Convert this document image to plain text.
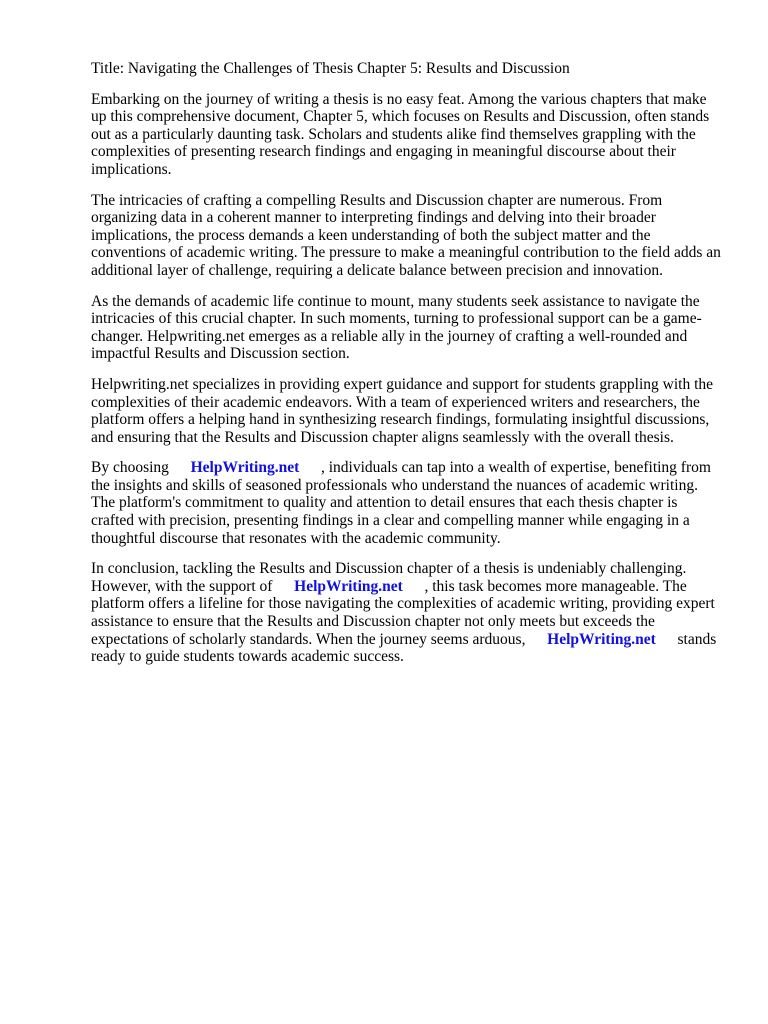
Title: Navigating the Challenges of Thesis Chapter 5: Results and Discussion

Embarking on the journey of writing a thesis is no easy feat. Among the various chapters that make up this comprehensive document, Chapter 5, which focuses on Results and Discussion, often stands out as a particularly daunting task. Scholars and students alike find themselves grappling with the complexities of presenting research findings and engaging in meaningful discourse about their implications.

The intricacies of crafting a compelling Results and Discussion chapter are numerous. From organizing data in a coherent manner to interpreting findings and delving into their broader implications, the process demands a keen understanding of both the subject matter and the conventions of academic writing. The pressure to make a meaningful contribution to the field adds an additional layer of challenge, requiring a delicate balance between precision and innovation.

As the demands of academic life continue to mount, many students seek assistance to navigate the intricacies of this crucial chapter. In such moments, turning to professional support can be a game-changer. Helpwriting.net emerges as a reliable ally in the journey of crafting a well-rounded and impactful Results and Discussion section.

Helpwriting.net specializes in providing expert guidance and support for students grappling with the complexities of their academic endeavors. With a team of experienced writers and researchers, the platform offers a helping hand in synthesizing research findings, formulating insightful discussions, and ensuring that the Results and Discussion chapter aligns seamlessly with the overall thesis.

By choosing HelpWriting.net , individuals can tap into a wealth of expertise, benefiting from the insights and skills of seasoned professionals who understand the nuances of academic writing. The platform's commitment to quality and attention to detail ensures that each thesis chapter is crafted with precision, presenting findings in a clear and compelling manner while engaging in a thoughtful discourse that resonates with the academic community.

In conclusion, tackling the Results and Discussion chapter of a thesis is undeniably challenging. However, with the support of HelpWriting.net , this task becomes more manageable. The platform offers a lifeline for those navigating the complexities of academic writing, providing expert assistance to ensure that the Results and Discussion chapter not only meets but exceeds the expectations of scholarly standards. When the journey seems arduous, HelpWriting.net stands ready to guide students towards academic success.
